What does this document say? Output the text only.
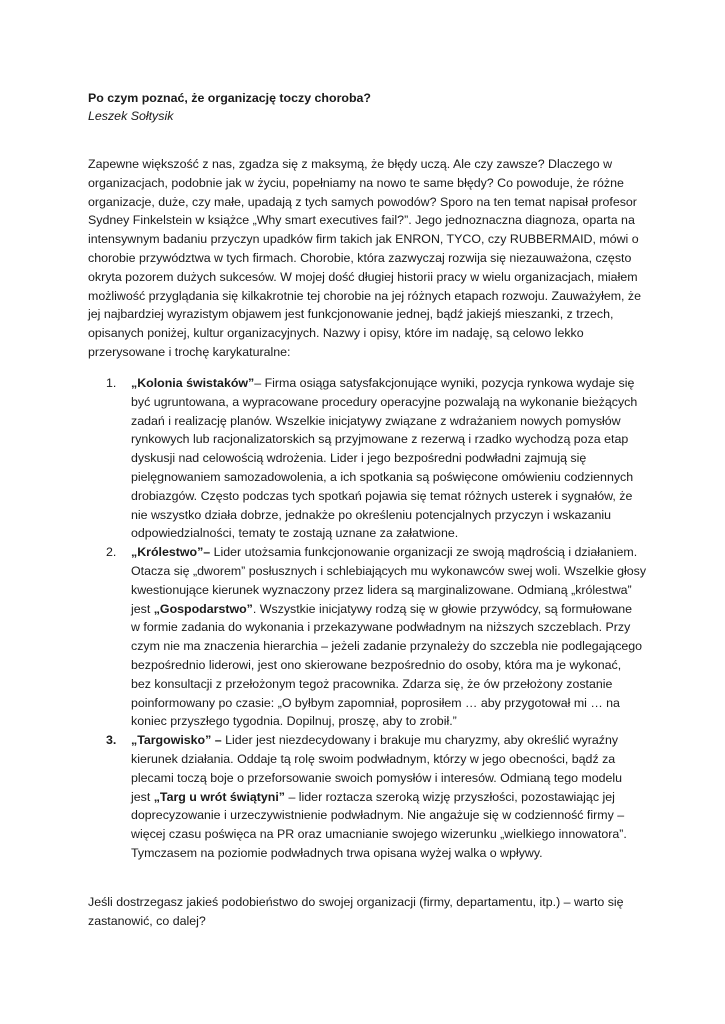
Po czym poznać, że organizację toczy choroba?

Leszek Sołtysik

Zapewne większość z nas, zgadza się z maksymą, że błędy uczą. Ale czy zawsze? Dlaczego w
organizacjach, podobnie jak w życiu, popełniamy na nowo te same błędy? Co powoduje, że różne
organizacje, duże, czy małe, upadają z tych samych powodów? Sporo na ten temat napisał profesor
Sydney Finkelstein w książce „Why smart executives fail?”. Jego jednoznaczna diagnoza, oparta na
intensywnym badaniu przyczyn upadków firm takich jak ENRON, TYCO, czy RUBBERMAID, mówi o
chorobie przywództwa w tych firmach. Chorobie, która zazwyczaj rozwija się niezauważona, często
okryta pozorem dużych sukcesów. W mojej dość długiej historii pracy w wielu organizacjach, miałem
możliwość przyglądania się kilkakrotnie tej chorobie na jej różnych etapach rozwoju. Zauważyłem, że
jej najbardziej wyrazistym objawem jest funkcjonowanie jednej, bądź jakiejś mieszanki, z trzech,
opisanych poniżej, kultur organizacyjnych. Nazwy i opisy, które im nadaję, są celowo lekko
przerysowane i trochę karykaturalne:
1. „Kolonia świstaków”– Firma osiąga satysfakcjonujące wyniki, pozycja rynkowa wydaje się
być ugruntowana, a wypracowane procedury operacyjne pozwalają na wykonanie bieżących
zadań i realizację planów. Wszelkie inicjatywy związane z wdrażaniem nowych pomysłów
rynkowych lub racjonalizatorskich są przyjmowane z rezerwą i rzadko wychodzą poza etap
dyskusji nad celowością wdrożenia. Lider i jego bezpośredni podwładni zajmują się
pielęgnowaniem samozadowolenia, a ich spotkania są poświęcone omówieniu codziennych
drobiazgów. Często podczas tych spotkań pojawia się temat różnych usterek i sygnałów, że
nie wszystko działa dobrze, jednakże po określeniu potencjalnych przyczyn i wskazaniu
odpowiedzialności, tematy te zostają uznane za załatwione.
2. „Królestwo”– Lider utożsamia funkcjonowanie organizacji ze swoją mądrością i działaniem.
Otacza się „dworem” posłusznych i schlebiających mu wykonawców swej woli. Wszelkie głosy
kwestionujące kierunek wyznaczony przez lidera są marginalizowane. Odmianą „królestwa”
jest „Gospodarstwo”. Wszystkie inicjatywy rodzą się w głowie przywódcy, są formułowane
w formie zadania do wykonania i przekazywane podwładnym na niższych szczeblach. Przy
czym nie ma znaczenia hierarchia – jeżeli zadanie przynależy do szczebla nie podlegającego
bezpośrednio liderowi, jest ono skierowane bezpośrednio do osoby, która ma je wykonać,
bez konsultacji z przełożonym tegoż pracownika. Zdarza się, że ów przełożony zostanie
poinformowany po czasie: „O byłbym zapomniał, poprosiłem … aby przygotował mi … na
koniec przyszłego tygodnia. Dopilnuj, proszę, aby to zrobił.”
3. „Targowisko” – Lider jest niezdecydowany i brakuje mu charyzmy, aby określić wyraźny
kierunek działania. Oddaje tą rolę swoim podwładnym, którzy w jego obecności, bądź za
plecami toczą boje o przeforsowanie swoich pomysłów i interesów. Odmianą tego modelu
jest „Targ u wrót świątyni” – lider roztacza szeroką wizję przyszłości, pozostawiając jej
doprecyzowanie i urzeczywistnienie podwładnym. Nie angażuje się w codzienność firmy –
więcej czasu poświęca na PR oraz umacnianie swojego wizerunku „wielkiego innowatora”.
Tymczasem na poziomie podwładnych trwa opisana wyżej walka o wpływy.
Jeśli dostrzegasz jakieś podobieństwo do swojej organizacji (firmy, departamentu, itp.) – warto się
zastanowić, co dalej?
